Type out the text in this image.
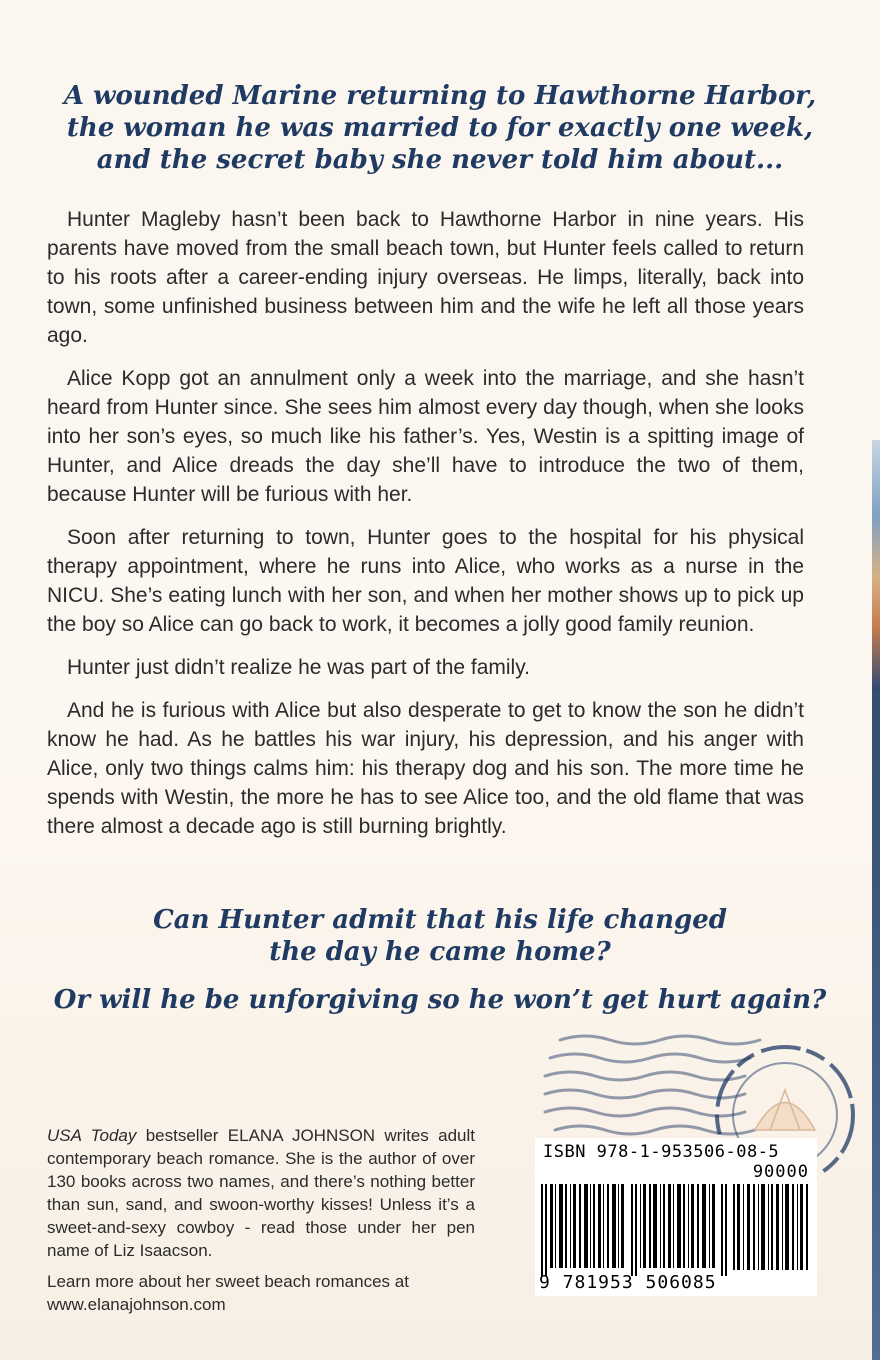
A wounded Marine returning to Hawthorne Harbor,
the woman he was married to for exactly one week,
and the secret baby she never told him about...

Hunter Magleby hasn’t been back to Hawthorne Harbor in nine years. His parents have moved from the small beach town, but Hunter feels called to return to his roots after a career-ending injury overseas. He limps, literally, back into town, some unfinished business between him and the wife he left all those years ago.

Alice Kopp got an annulment only a week into the marriage, and she hasn’t heard from Hunter since. She sees him almost every day though, when she looks into her son’s eyes, so much like his father’s. Yes, Westin is a spitting image of Hunter, and Alice dreads the day she’ll have to introduce the two of them, because Hunter will be furious with her.

Soon after returning to town, Hunter goes to the hospital for his physical therapy appointment, where he runs into Alice, who works as a nurse in the NICU. She’s eating lunch with her son, and when her mother shows up to pick up the boy so Alice can go back to work, it becomes a jolly good family reunion.

Hunter just didn’t realize he was part of the family.

And he is furious with Alice but also desperate to get to know the son he didn’t know he had. As he battles his war injury, his depression, and his anger with Alice, only two things calms him: his therapy dog and his son. The more time he spends with Westin, the more he has to see Alice too, and the old flame that was there almost a decade ago is still burning brightly.

Can Hunter admit that his life changed
the day he came home?
Or will he be unforgiving so he won’t get hurt again?
ISBN 978-1-953506-08-5
90000
9 781953 506085

USA Today bestseller ELANA JOHNSON writes adult contemporary beach romance. She is the author of over 130 books across two names, and there’s nothing better than sun, sand, and swoon-worthy kisses! Unless it’s a sweet-and-sexy cowboy - read those under her pen name of Liz Isaacson.

Learn more about her sweet beach romances at
www.elanajohnson.com
